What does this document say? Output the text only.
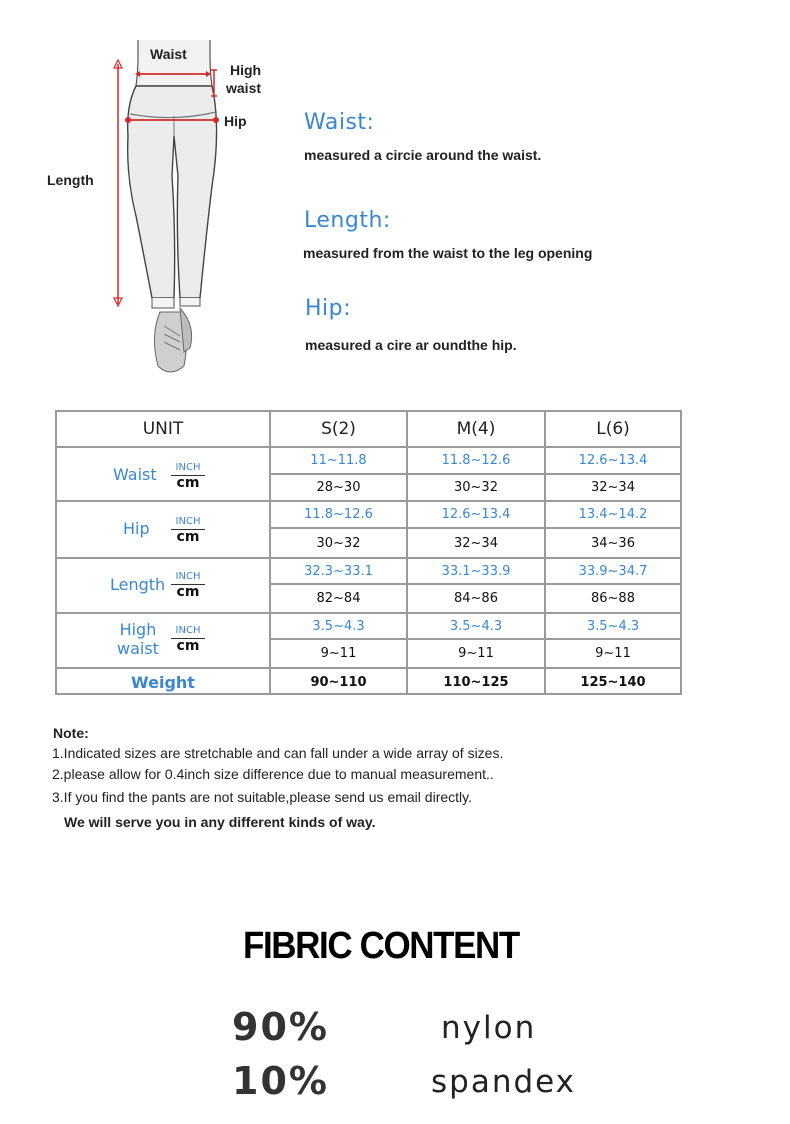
Waist
High
waist
Hip
Length
Waist:
measured a circie around the waist.
Length:
measured from the waist to the leg opening
Hip:
measured a cire ar oundthe hip.
UNIT	S(2)	M(4)	L(6)
Waist	INCH
cm
11~11.8	11.8~12.6	12.6~13.4
28~30	30~32	32~34
Hip	INCH
cm
11.8~12.6	12.6~13.4	13.4~14.2
30~32	32~34	34~36
Length	INCH
cm
32.3~33.1	33.1~33.9	33.9~34.7
82~84	84~86	86~88
High
waist
INCH
cm
3.5~4.3	3.5~4.3	3.5~4.3
9~11	9~11	9~11
Weight	90~110	110~125	125~140
Note:
1.Indicated sizes are stretchable and can fall under a wide array of sizes.
2.please allow for 0.4inch size difference due to manual measurement..
3.If you find the pants are not suitable,please send us email directly.
We will serve you in any different kinds of way.
FIBRIC CONTENT
90%	nylon
10%	spandex
